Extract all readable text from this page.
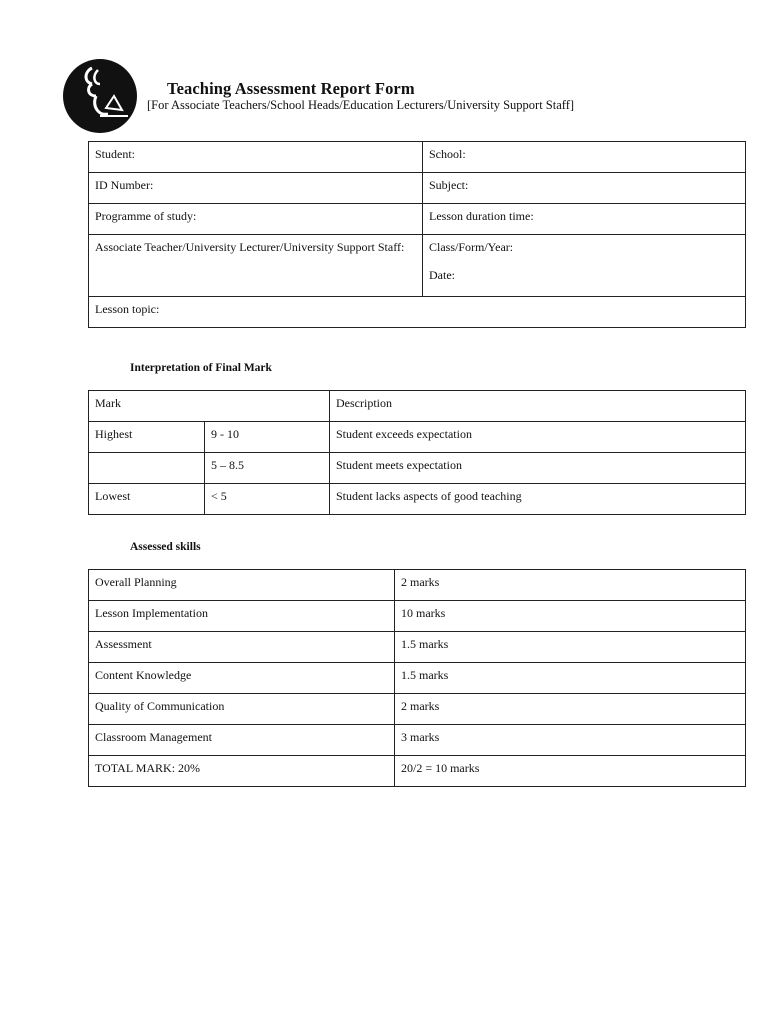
Teaching Assessment Report Form
[For Associate Teachers/School Heads/Education Lecturers/University Support Staff]
Student:	School:
ID Number:	Subject:
Programme of study:	Lesson duration time:
Associate Teacher/University Lecturer/University Support Staff:	Class/Form/Year:
Date:

Lesson topic:	
Interpretation of Final Mark
Mark		Description
Highest	9 - 10	Student exceeds expectation
	5 – 8.5	Student meets expectation
Lowest	< 5	Student lacks aspects of good teaching
Assessed skills
Overall Planning	2 marks
Lesson Implementation	10 marks
Assessment	1.5 marks
Content Knowledge	1.5 marks
Quality of Communication	2 marks
Classroom Management	3 marks
TOTAL MARK: 20%	20/2 = 10 marks
